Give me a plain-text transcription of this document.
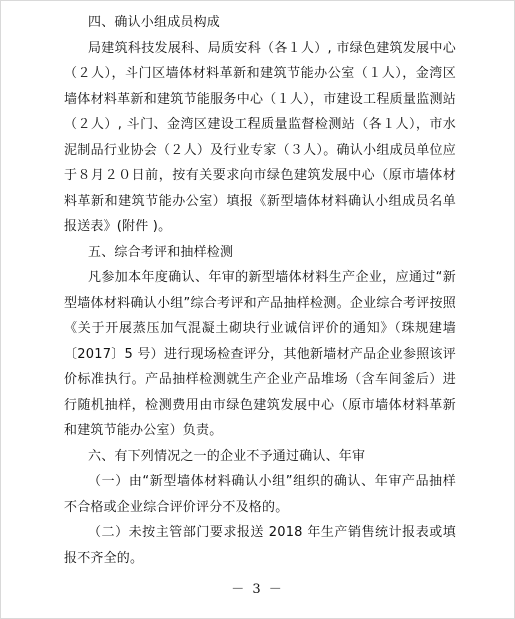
四、确认小组成员构成

局建筑科技发展科、局质安科（各１人）, 市绿色建筑发展中心（２人），斗门区墙体材料革新和建筑节能办公室（１人），金湾区墙体材料革新和建筑节能服务中心（１人），市建设工程质量监测站（２人）, 斗门、金湾区建设工程质量监督检测站（各１人），市水泥制品行业协会（２人）及行业专家（３人）。确认小组成员单位应于８月２０日前，按有关要求向市绿色建筑发展中心（原市墙体材料革新和建筑节能办公室）填报《新型墙体材料确认小组成员名单报送表》(附件 )。

五、综合考评和抽样检测

凡参加本年度确认、年审的新型墙体材料生产企业，应通过“新型墙体材料确认小组”综合考评和产品抽样检测。企业综合考评按照《关于开展蒸压加气混凝土砌块行业诚信评价的通知》（珠规建墙〔2017〕5 号）进行现场检查评分，其他新墙材产品企业参照该评价标准执行。产品抽样检测就生产企业产品堆场（含车间釜后）进行随机抽样，检测费用由市绿色建筑发展中心（原市墙体材料革新和建筑节能办公室）负责。

六、有下列情况之一的企业不予通过确认、年审

（一）由“新型墙体材料确认小组”组织的确认、年审产品抽样不合格或企业综合评价评分不及格的。

（二）未按主管部门要求报送 2018 年生产销售统计报表或填报不齐全的。

－ 3 －
